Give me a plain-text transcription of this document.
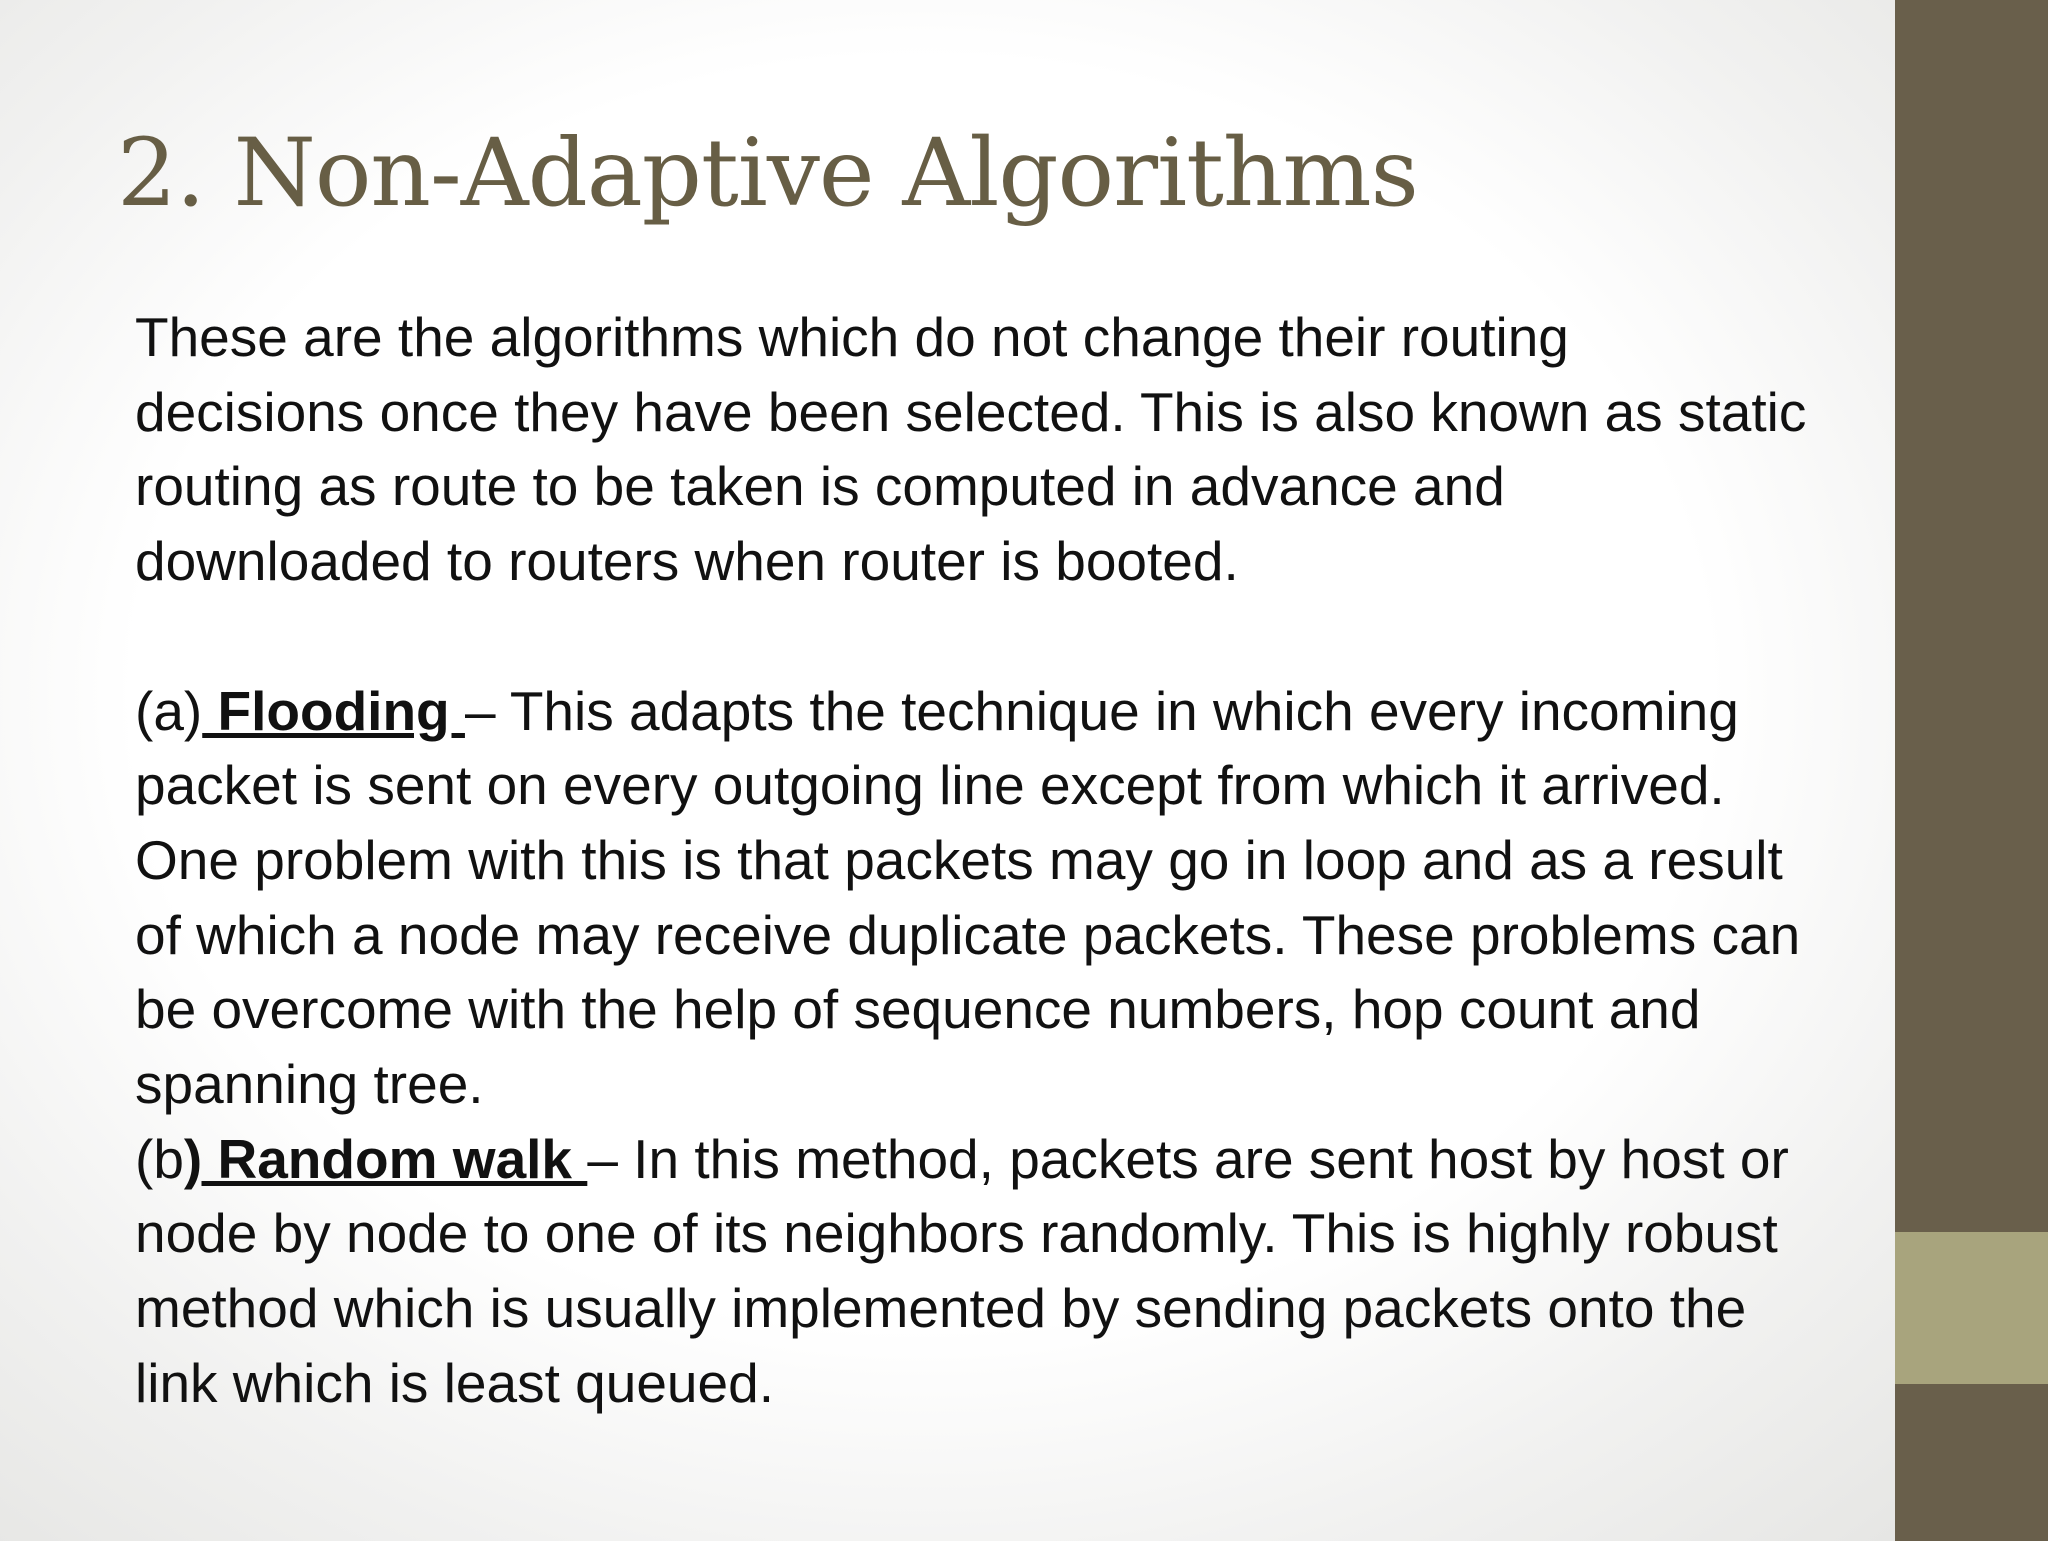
2. Non-Adaptive Algorithms
These are the algorithms which do not change their routing
decisions once they have been selected. This is also known as static
routing as route to be taken is computed in advance and
downloaded to routers when router is booted.
(a) Flooding – This adapts the technique in which every incoming
packet is sent on every outgoing line except from which it arrived.
One problem with this is that packets may go in loop and as a result
of which a node may receive duplicate packets. These problems can
be overcome with the help of sequence numbers, hop count and
spanning tree.
(b) Random walk – In this method, packets are sent host by host or
node by node to one of its neighbors randomly. This is highly robust
method which is usually implemented by sending packets onto the
link which is least queued.
